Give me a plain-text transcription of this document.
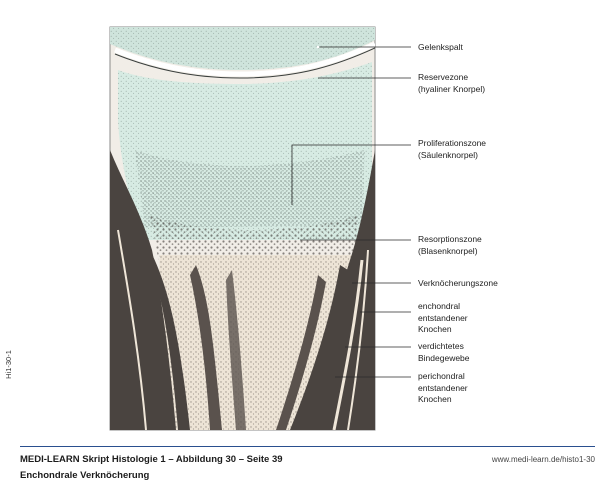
Gelenkspalt
Reservezone
(hyaliner Knorpel)
Proliferationszone
(Säulenknorpel)
Resorptionszone
(Blasenknorpel)
Verknöcherungszone
enchondral
entstandener
Knochen
verdichtetes
Bindegewebe
perichondral
entstandener
Knochen
Hi1-30-1
MEDI-LEARN Skript Histologie 1 – Abbildung 30 – Seite 39
Enchondrale Verknöcherung
www.medi-learn.de/histo1-30
